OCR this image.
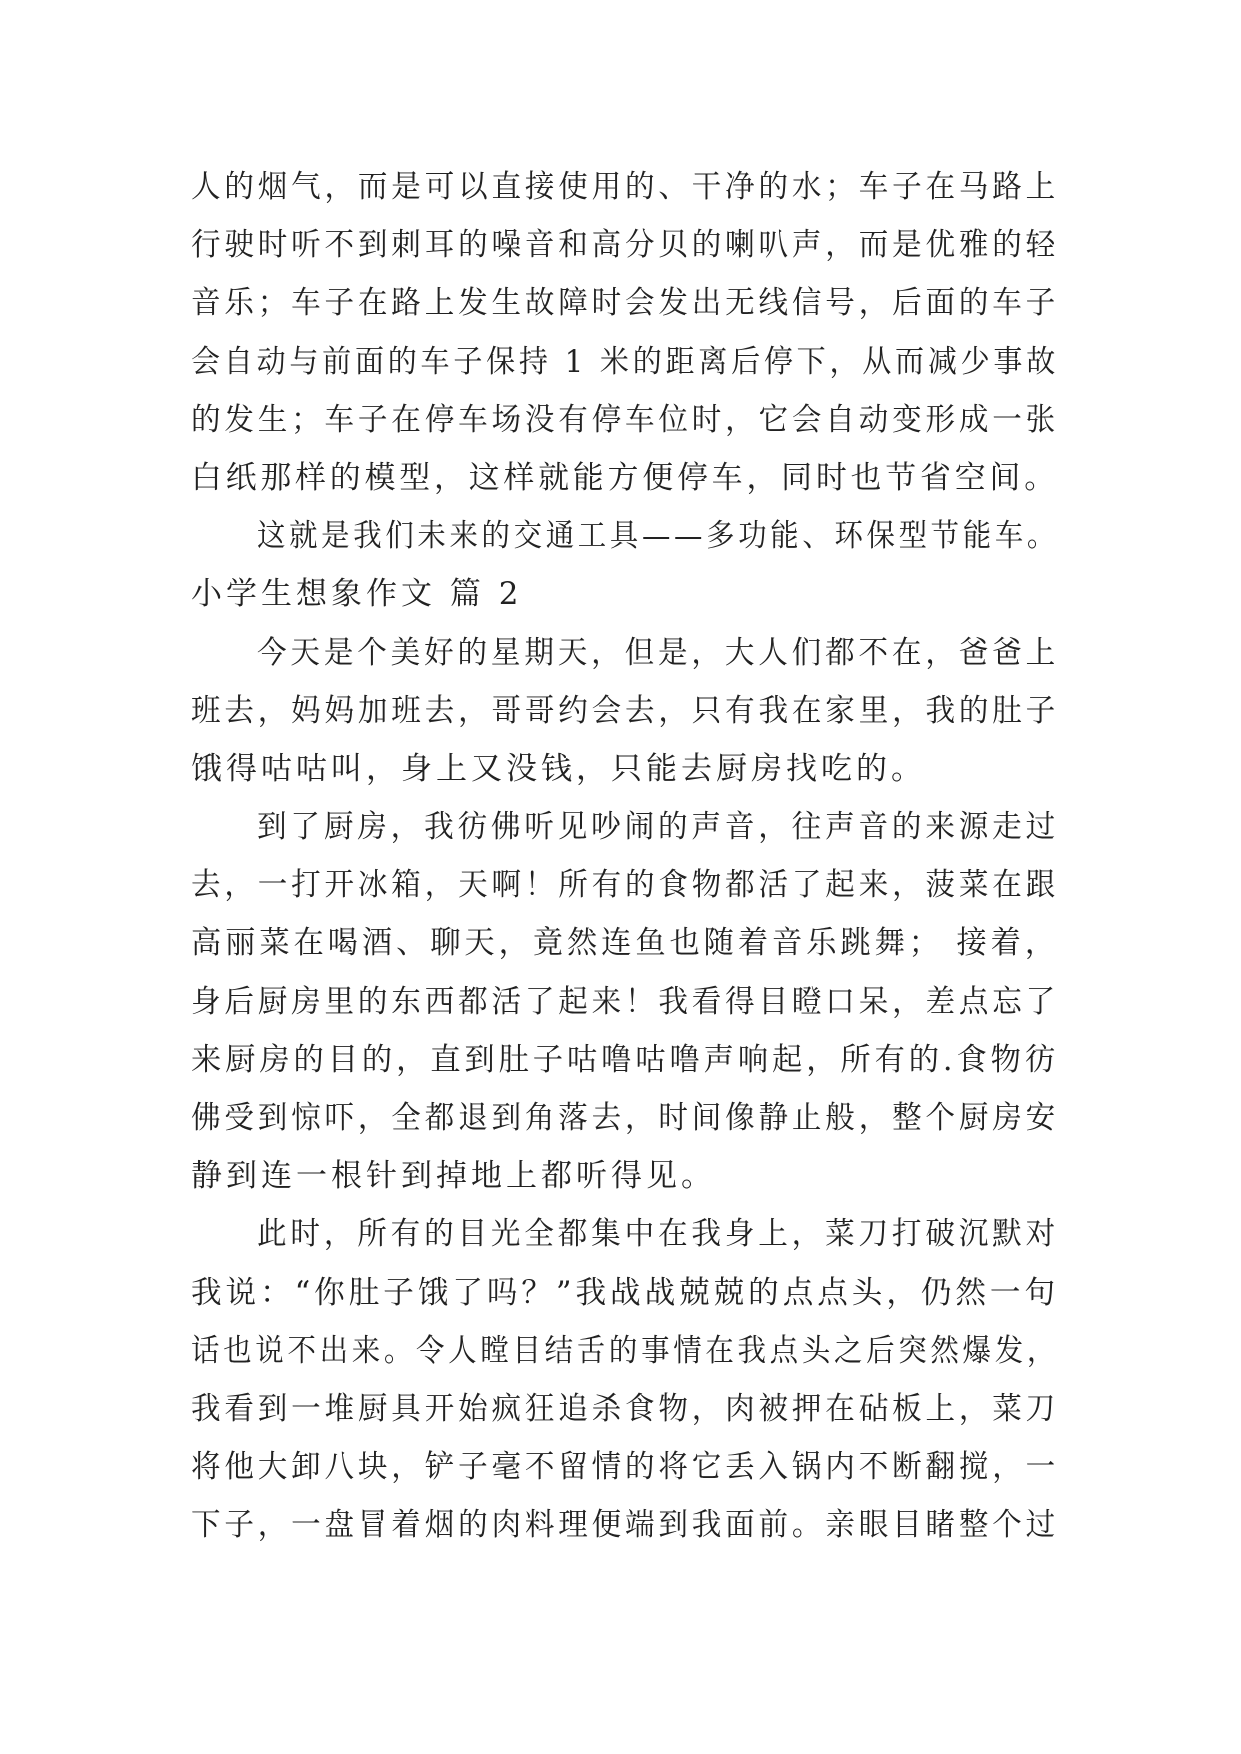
人的烟气，而是可以直接使用的、干净的水；车子在马路上
行驶时听不到刺耳的噪音和高分贝的喇叭声，而是优雅的轻
音乐；车子在路上发生故障时会发出无线信号，后面的车子
会自动与前面的车子保持 1 米的距离后停下，从而减少事故
的发生；车子在停车场没有停车位时，它会自动变形成一张
白纸那样的模型，这样就能方便停车，同时也节省空间。
这就是我们未来的交通工具——多功能、环保型节能车。
小学生想象作文 篇 2
今天是个美好的星期天，但是，大人们都不在，爸爸上
班去，妈妈加班去，哥哥约会去，只有我在家里，我的肚子
饿得咕咕叫，身上又没钱，只能去厨房找吃的。
到了厨房，我彷佛听见吵闹的声音，往声音的来源走过
去，一打开冰箱，天啊！所有的食物都活了起来，菠菜在跟
高丽菜在喝酒、聊天，竟然连鱼也随着音乐跳舞； 接着，
身后厨房里的东西都活了起来！我看得目瞪口呆，差点忘了
来厨房的目的，直到肚子咕噜咕噜声响起，所有的.食物彷
佛受到惊吓，全都退到角落去，时间像静止般，整个厨房安
静到连一根针到掉地上都听得见。
此时，所有的目光全都集中在我身上，菜刀打破沉默对
我说：“你肚子饿了吗？”我战战兢兢的点点头，仍然一句
话也说不出来。令人瞠目结舌的事情在我点头之后突然爆发，
我看到一堆厨具开始疯狂追杀食物，肉被押在砧板上，菜刀
将他大卸八块，铲子毫不留情的将它丢入锅内不断翻搅，一
下子，一盘冒着烟的肉料理便端到我面前。亲眼目睹整个过
